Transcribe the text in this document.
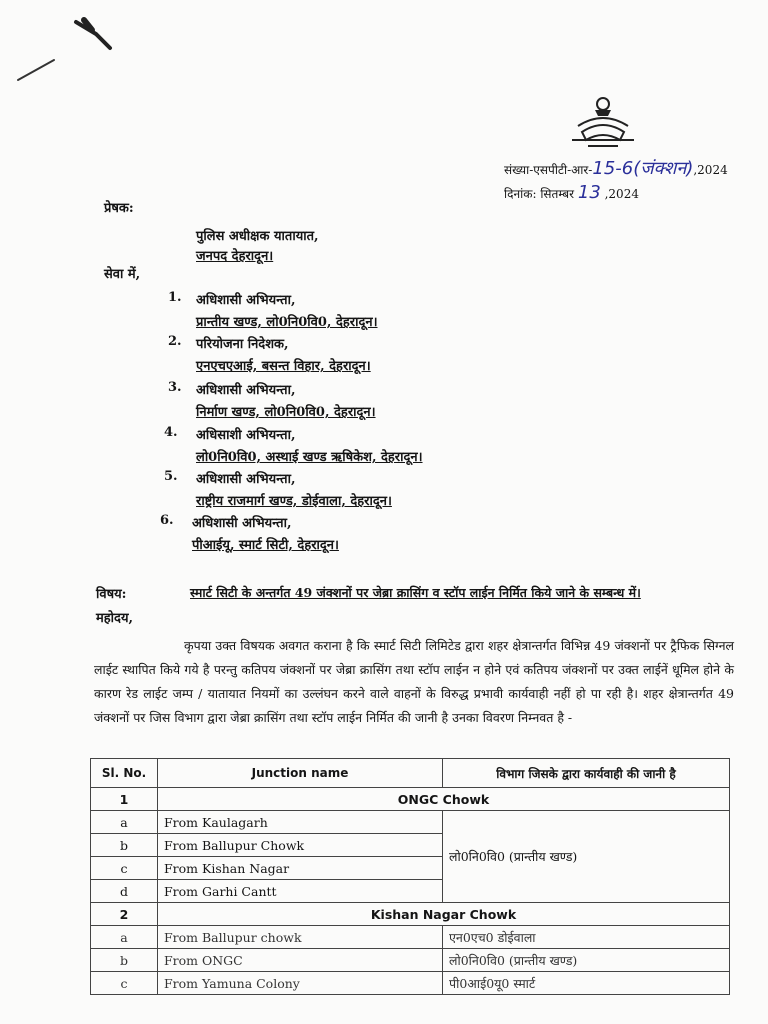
संख्या-एसपीटी-आर-15-6(जंक्शन),2024
दिनांक: सितम्बर 13 ,2024
प्रेषक:
पुलिस अधीक्षक यातायात,
जनपद देहरादून।
सेवा में,
1. अधिशासी अभियन्ता,
प्रान्तीय खण्ड, लो0नि0वि0, देहरादून।
2. परियोजना निदेशक,
एनएचएआई, बसन्त विहार, देहरादून।
3. अधिशासी अभियन्ता,
निर्माण खण्ड, लो0नि0वि0, देहरादून।
4. अधिसाशी अभियन्ता,
लो0नि0वि0, अस्थाई खण्ड ऋषिकेश, देहरादून।
5. अधिशासी अभियन्ता,
राष्ट्रीय राजमार्ग खण्ड, डोईवाला, देहरादून।
6. अधिशासी अभियन्ता,
पीआईयू, स्मार्ट सिटी, देहरादून।
विषय:	स्मार्ट सिटी के अन्तर्गत 49 जंक्शनों पर जेब्रा क्रासिंग व स्टॉप लाईन निर्मित किये जाने के सम्बन्ध में।
महोदय,
कृपया उक्त विषयक अवगत कराना है कि स्मार्ट सिटी लिमिटेड द्वारा शहर क्षेत्रान्तर्गत विभिन्न 49 जंक्शनों पर ट्रैफिक सिग्नल लाईट स्थापित किये गये है परन्तु कतिपय जंक्शनों पर जेब्रा क्रासिंग तथा स्टॉप लाईन न होने एवं कतिपय जंक्शनों पर उक्त लाईनें धूमिल होने के कारण रेड लाईट जम्प / यातायात नियमों का उल्लंघन करने वाले वाहनों के विरुद्ध प्रभावी कार्यवाही नहीं हो पा रही है। शहर क्षेत्रान्तर्गत 49 जंक्शनों पर जिस विभाग द्वारा जेब्रा क्रासिंग तथा स्टॉप लाईन निर्मित की जानी है उनका विवरण निम्नवत है -
Sl. No.	Junction name	विभाग जिसके द्वारा कार्यवाही की जानी है
1	ONGC Chowk	
a	From Kaulagarh	लो0नि0वि0 (प्रान्तीय खण्ड)
b	From Ballupur Chowk	
c	From Kishan Nagar	
d	From Garhi Cantt	
2	Kishan Nagar Chowk	
a	From Ballupur chowk	एन0एच0 डोईवाला
b	From ONGC	लो0नि0वि0 (प्रान्तीय खण्ड)
c	From Yamuna Colony	पी0आई0यू0 स्मार्ट
